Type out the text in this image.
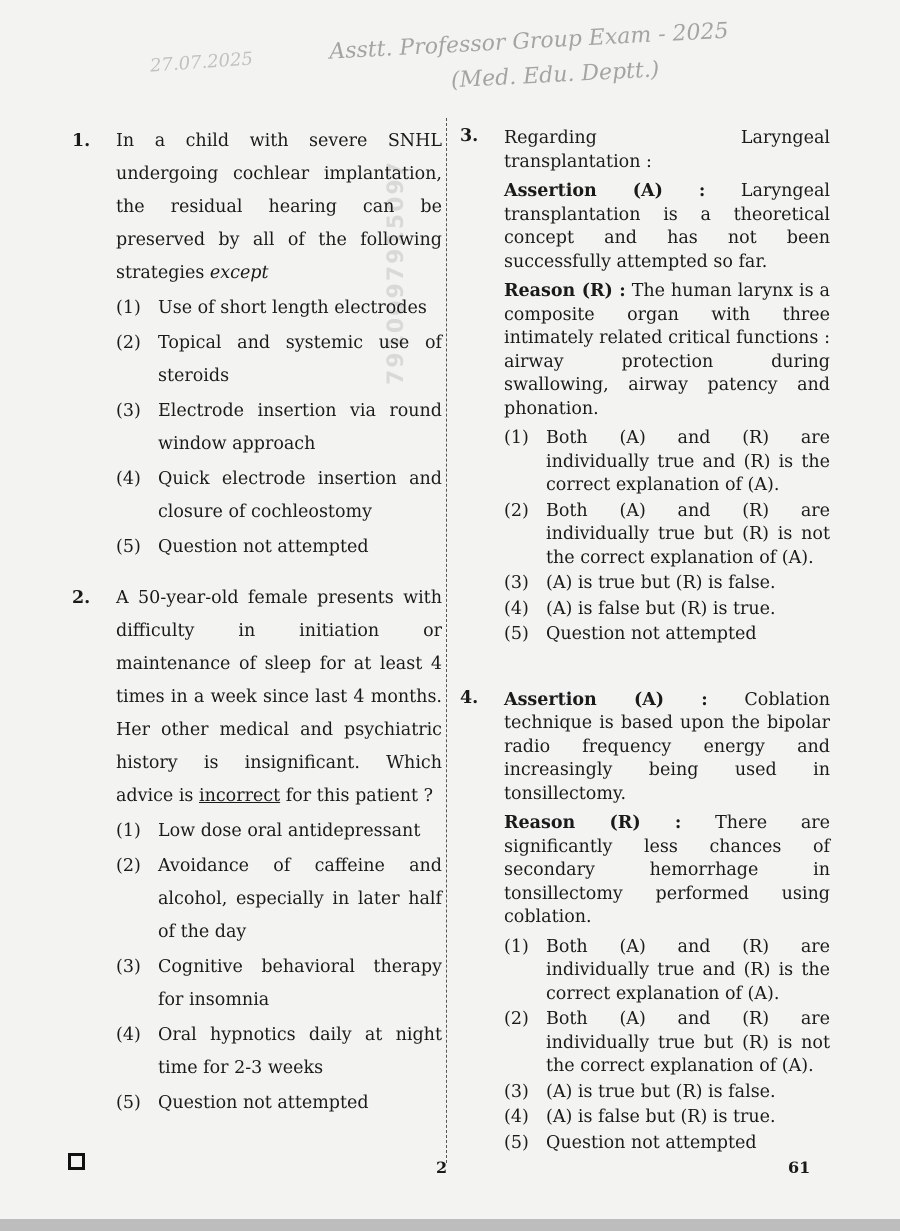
27.07.2025	Asstt. Professor Group Exam - 2025
(Med. Edu. Deptt.)
7910097915097
1.	In a child with severe SNHL undergoing cochlear implantation, the residual hearing can be preserved by all of the following strategies except
(1) Use of short length electrodes
(2) Topical and systemic use of steroids
(3) Electrode insertion via round window approach
(4) Quick electrode insertion and closure of cochleostomy
(5) Question not attempted
2.	A 50-year-old female presents with difficulty in initiation or maintenance of sleep for at least 4 times in a week since last 4 months. Her other medical and psychiatric history is insignificant. Which advice is incorrect for this patient ?
(1) Low dose oral antidepressant
(2) Avoidance of caffeine and alcohol, especially in later half of the day
(3) Cognitive behavioral therapy for insomnia
(4) Oral hypnotics daily at night time for 2-3 weeks
(5) Question not attempted
3.	Regarding Laryngeal transplantation :
Assertion (A) : Laryngeal transplantation is a theoretical concept and has not been successfully attempted so far.
Reason (R) : The human larynx is a composite organ with three intimately related critical functions : airway protection during swallowing, airway patency and phonation.
(1) Both (A) and (R) are individually true and (R) is the correct explanation of (A).
(2) Both (A) and (R) are individually true but (R) is not the correct explanation of (A).
(3) (A) is true but (R) is false.
(4) (A) is false but (R) is true.
(5) Question not attempted
4.	Assertion (A) : Coblation technique is based upon the bipolar radio frequency energy and increasingly being used in tonsillectomy.
Reason (R) : There are significantly less chances of secondary hemorrhage in tonsillectomy performed using coblation.
(1) Both (A) and (R) are individually true and (R) is the correct explanation of (A).
(2) Both (A) and (R) are individually true but (R) is not the correct explanation of (A).
(3) (A) is true but (R) is false.
(4) (A) is false but (R) is true.
(5) Question not attempted
2	61
